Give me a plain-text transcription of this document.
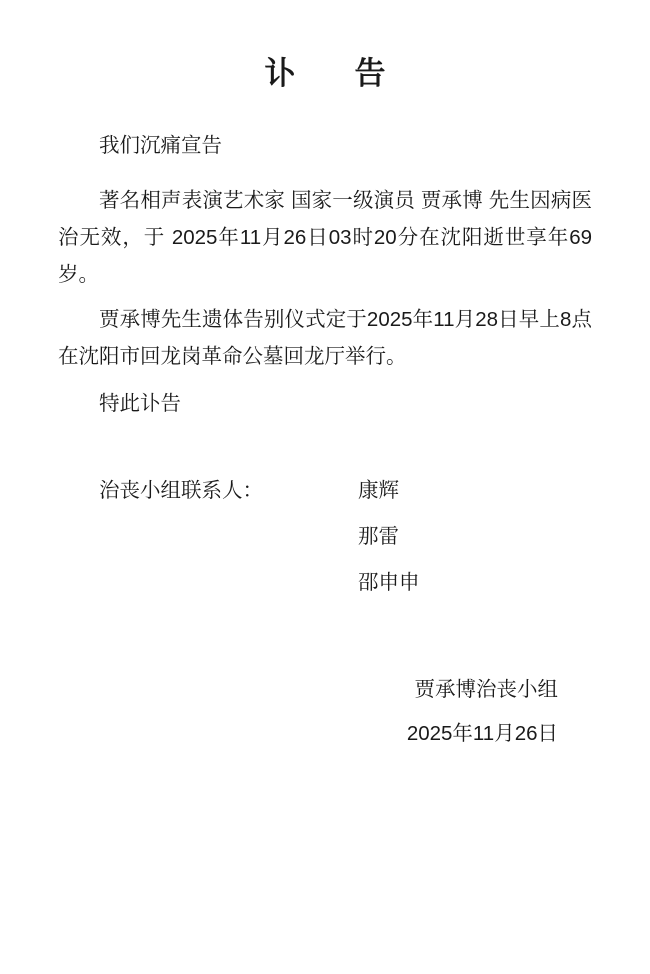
讣　告

我们沉痛宣告

著名相声表演艺术家 国家一级演员 贾承博 先生因病医治无效，于 2025年11月26日03时20分在沈阳逝世享年69岁。

贾承博先生遗体告别仪式定于2025年11月28日早上8点在沈阳市回龙岗革命公墓回龙厅举行。

特此讣告

治丧小组联系人：	康辉
那雷
邵申申
贾承博治丧小组
2025年11月26日
